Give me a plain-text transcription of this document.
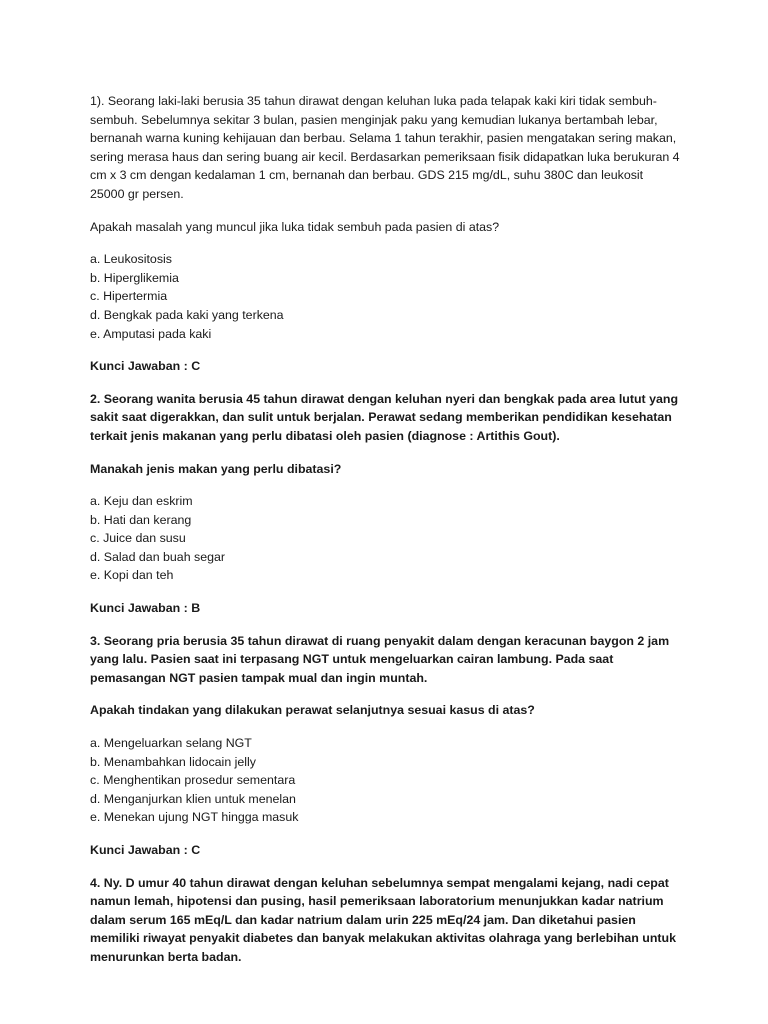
1). Seorang laki-laki berusia 35 tahun dirawat dengan keluhan luka pada telapak kaki kiri tidak sembuh-sembuh. Sebelumnya sekitar 3 bulan, pasien menginjak paku yang kemudian lukanya bertambah lebar, bernanah warna kuning kehijauan dan berbau. Selama 1 tahun terakhir, pasien mengatakan sering makan, sering merasa haus dan sering buang air kecil. Berdasarkan pemeriksaan fisik didapatkan luka berukuran 4 cm x 3 cm dengan kedalaman 1 cm, bernanah dan berbau. GDS 215 mg/dL, suhu 380C dan leukosit 25000 gr persen.

Apakah masalah yang muncul jika luka tidak sembuh pada pasien di atas?

a. Leukositosis
b. Hiperglikemia
c. Hipertermia
d. Bengkak pada kaki yang terkena
e. Amputasi pada kaki

Kunci Jawaban : C

2. Seorang wanita berusia 45 tahun dirawat dengan keluhan nyeri dan bengkak pada area lutut yang sakit saat digerakkan, dan sulit untuk berjalan. Perawat sedang memberikan pendidikan kesehatan terkait jenis makanan yang perlu dibatasi oleh pasien (diagnose : Artithis Gout).

Manakah jenis makan yang perlu dibatasi?

a. Keju dan eskrim
b. Hati dan kerang
c. Juice dan susu
d. Salad dan buah segar
e. Kopi dan teh

Kunci Jawaban : B

3. Seorang pria berusia 35 tahun dirawat di ruang penyakit dalam dengan keracunan baygon 2 jam yang lalu. Pasien saat ini terpasang NGT untuk mengeluarkan cairan lambung. Pada saat pemasangan NGT pasien tampak mual dan ingin muntah.

Apakah tindakan yang dilakukan perawat selanjutnya sesuai kasus di atas?

a. Mengeluarkan selang NGT
b. Menambahkan lidocain jelly
c. Menghentikan prosedur sementara
d. Menganjurkan klien untuk menelan
e. Menekan ujung NGT hingga masuk

Kunci Jawaban : C

4. Ny. D umur 40 tahun dirawat dengan keluhan sebelumnya sempat mengalami kejang, nadi cepat namun lemah, hipotensi dan pusing, hasil pemeriksaan laboratorium menunjukkan kadar natrium dalam serum 165 mEq/L dan kadar natrium dalam urin 225 mEq/24 jam. Dan diketahui pasien memiliki riwayat penyakit diabetes dan banyak melakukan aktivitas olahraga yang berlebihan untuk menurunkan berta badan.
